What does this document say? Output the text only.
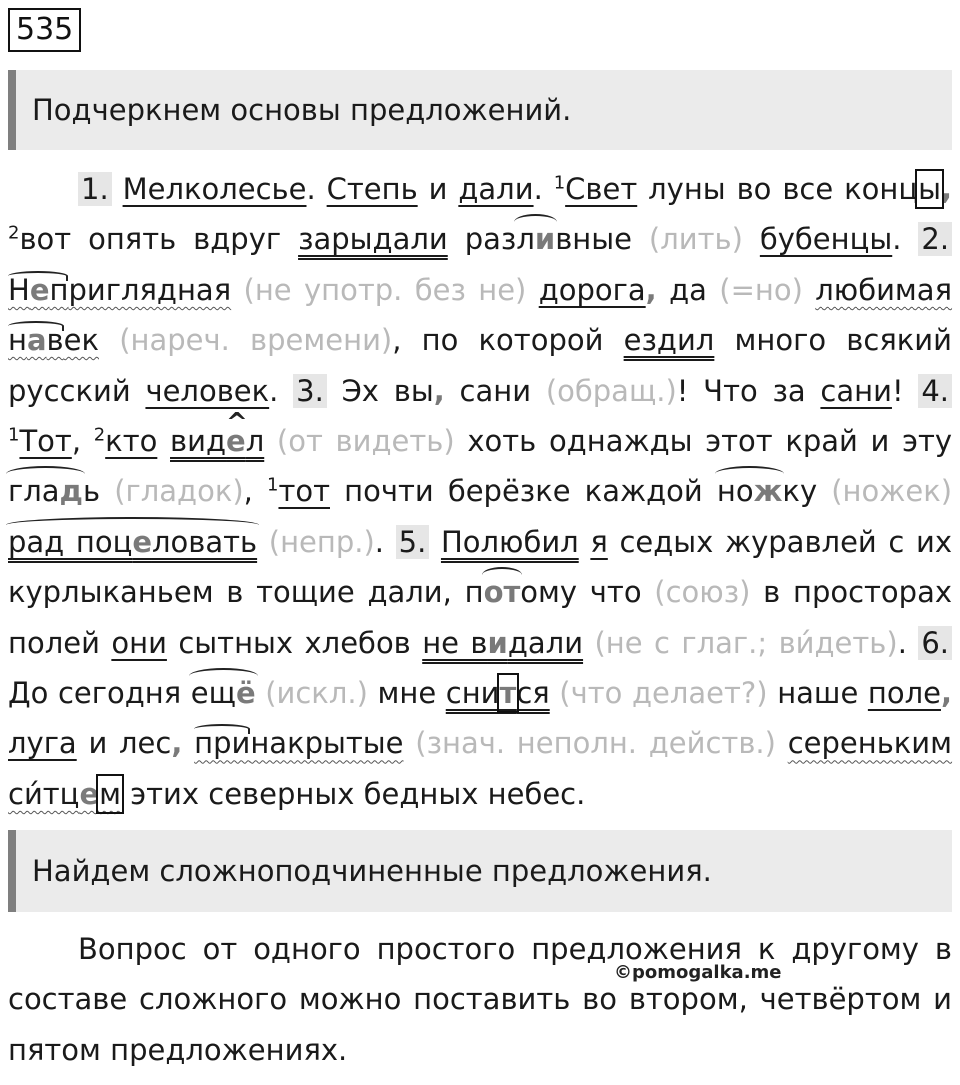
535
Подчеркнем основы предложений.
1. Мелколесье. Степь и дали. $^1$Свет луны во все концы, $^2$вот опять вдруг зарыдали разливные (лить) бубенцы. 2. Неприглядная (не употр. без не) дорога, да (=но) любимая навек (нареч. времени), по которой ездил много всякий русский человек. 3. Эх вы, сани (обращ.)! Что за сани! 4. $^1$Тот, $^2$кто вид^ ел (от видеть) хоть однажды этот край и эту гладь (гладок), $^1$тот почти берёзке каждой ножку (ножек) рад поцеловать (непр.). 5. Полюбил я седых журавлей с их курлыканьем в тощие дали, потому что (союз) в просторах полей они сытных хлебов не видали (не с глаг.; ви́деть). 6. До сегодня ещё (искл.) мне снится (что делает?) наше поле, луга и лес, принакрытые (знач. неполн. действ.) сереньким си́тцем этих северных бедных небес.
Найдем сложноподчиненные предложения.
Вопрос от одного простого предложения к другому в составе сложного можно поставить во втором, четвёртом и пятом предложениях.
©pomogalka.me
